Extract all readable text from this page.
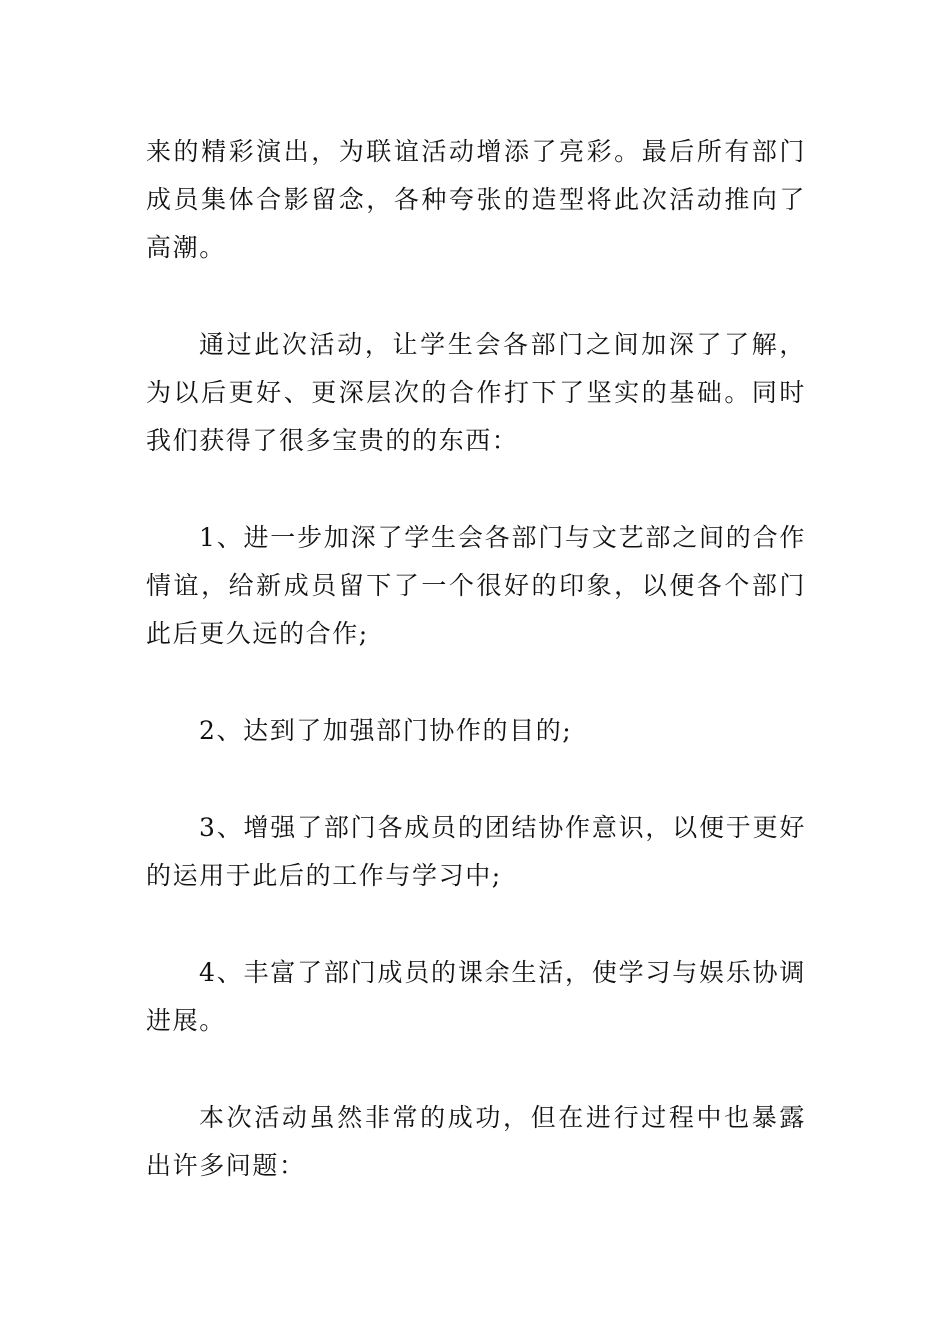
来的精彩演出，为联谊活动增添了亮彩。最后所有部门成员集体合影留念，各种夸张的造型将此次活动推向了高潮。

通过此次活动，让学生会各部门之间加深了了解，为以后更好、更深层次的合作打下了坚实的基础。同时我们获得了很多宝贵的的东西：

1、进一步加深了学生会各部门与文艺部之间的合作情谊，给新成员留下了一个很好的印象，以便各个部门此后更久远的合作;

2、达到了加强部门协作的目的;

3、增强了部门各成员的团结协作意识，以便于更好的运用于此后的工作与学习中;

4、丰富了部门成员的课余生活，使学习与娱乐协调进展。

本次活动虽然非常的成功，但在进行过程中也暴露出许多问题：
